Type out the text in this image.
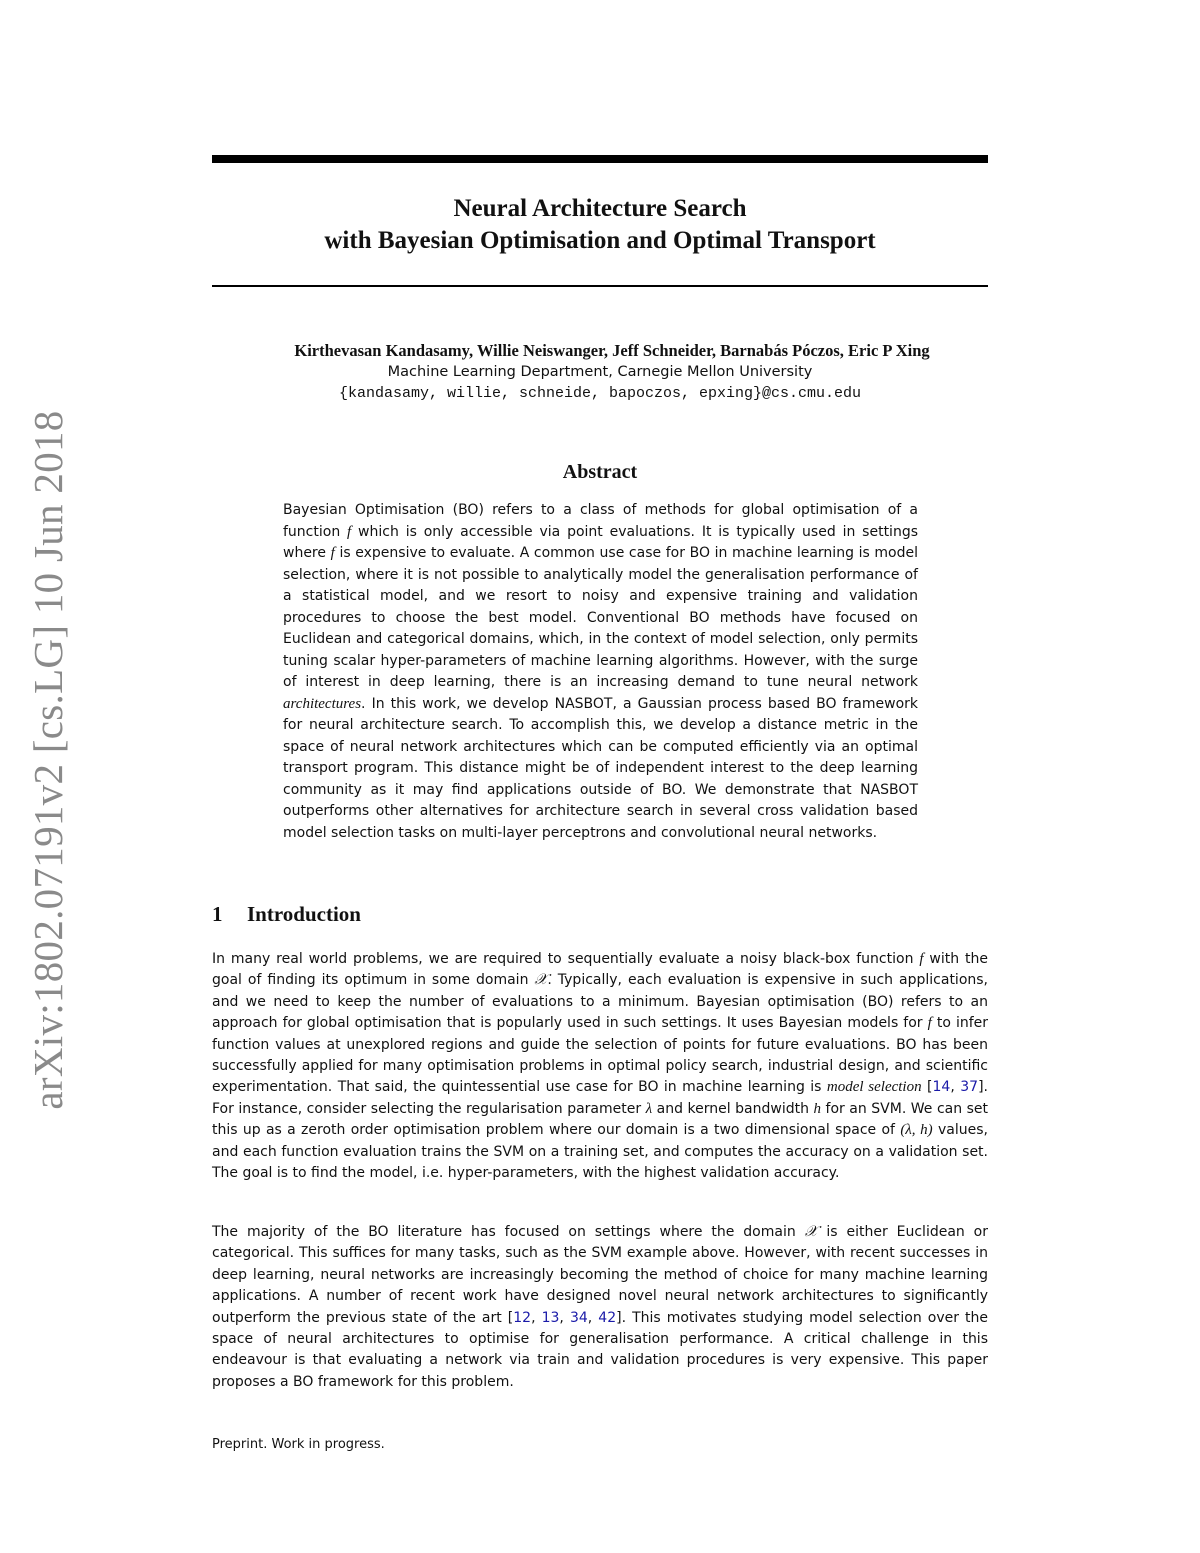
arXiv:1802.07191v2 [cs.LG] 10 Jun 2018
Neural Architecture Search
with Bayesian Optimisation and Optimal Transport
Kirthevasan Kandasamy, Willie Neiswanger, Jeff Schneider, Barnabás Póczos, Eric P Xing
Machine Learning Department, Carnegie Mellon University
{kandasamy, willie, schneide, bapoczos, epxing}@cs.cmu.edu
Abstract
Bayesian Optimisation (BO) refers to a class of methods for global optimisation of a function f which is only accessible via point evaluations. It is typically used in settings where f is expensive to evaluate. A common use case for BO in machine learning is model selection, where it is not possible to analytically model the generalisation performance of a statistical model, and we resort to noisy and expensive training and validation procedures to choose the best model. Conventional BO methods have focused on Euclidean and categorical domains, which, in the context of model selection, only permits tuning scalar hyper-parameters of machine learning algorithms. However, with the surge of interest in deep learning, there is an increasing demand to tune neural network architectures. In this work, we develop NASBOT, a Gaussian process based BO framework for neural architecture search. To accomplish this, we develop a distance metric in the space of neural network architectures which can be computed efficiently via an optimal transport program. This distance might be of independent interest to the deep learning community as it may find applications outside of BO. We demonstrate that NASBOT outperforms other alternatives for architecture search in several cross validation based model selection tasks on multi-layer perceptrons and convolutional neural networks.
1 Introduction
In many real world problems, we are required to sequentially evaluate a noisy black-box function f with the goal of finding its optimum in some domain 𝒳. Typically, each evaluation is expensive in such applications, and we need to keep the number of evaluations to a minimum. Bayesian optimisation (BO) refers to an approach for global optimisation that is popularly used in such settings. It uses Bayesian models for f to infer function values at unexplored regions and guide the selection of points for future evaluations. BO has been successfully applied for many optimisation problems in optimal policy search, industrial design, and scientific experimentation. That said, the quintessential use case for BO in machine learning is model selection [14, 37]. For instance, consider selecting the regularisation parameter λ and kernel bandwidth h for an SVM. We can set this up as a zeroth order optimisation problem where our domain is a two dimensional space of (λ, h) values, and each function evaluation trains the SVM on a training set, and computes the accuracy on a validation set. The goal is to find the model, i.e. hyper-parameters, with the highest validation accuracy.
The majority of the BO literature has focused on settings where the domain 𝒳 is either Euclidean or categorical. This suffices for many tasks, such as the SVM example above. However, with recent successes in deep learning, neural networks are increasingly becoming the method of choice for many machine learning applications. A number of recent work have designed novel neural network architectures to significantly outperform the previous state of the art [12, 13, 34, 42]. This motivates studying model selection over the space of neural architectures to optimise for generalisation performance. A critical challenge in this endeavour is that evaluating a network via train and validation procedures is very expensive. This paper proposes a BO framework for this problem.
Preprint. Work in progress.
